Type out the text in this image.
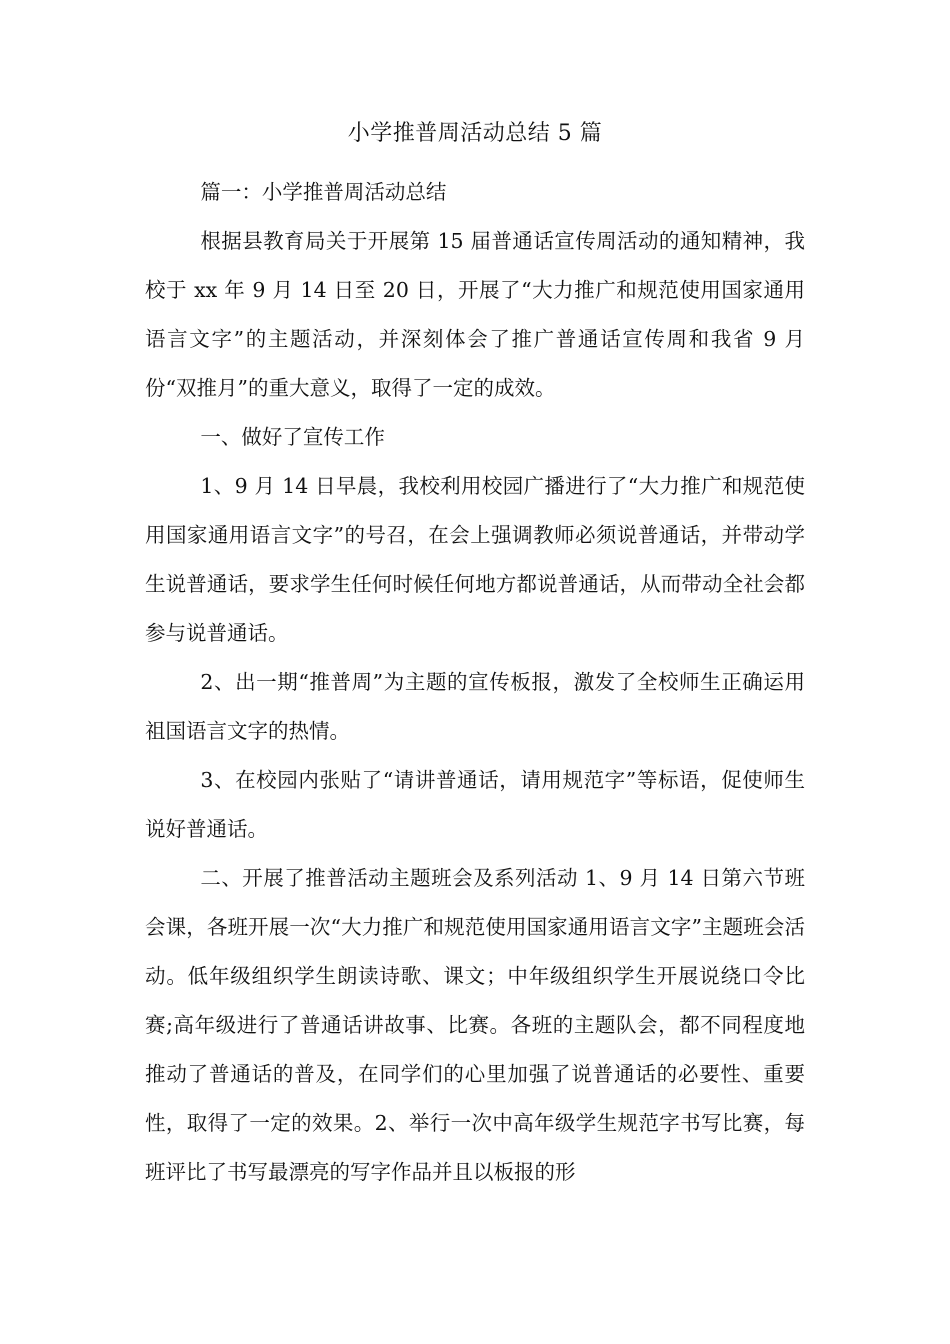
小学推普周活动总结 5 篇

篇一：小学推普周活动总结

根据县教育局关于开展第 15 届普通话宣传周活动的通知精神，我校于 xx 年 9 月 14 日至 20 日，开展了“大力推广和规范使用国家通用语言文字”的主题活动，并深刻体会了推广普通话宣传周和我省 9 月份“双推月”的重大意义，取得了一定的成效。

一、做好了宣传工作

1、9 月 14 日早晨，我校利用校园广播进行了“大力推广和规范使用国家通用语言文字”的号召，在会上强调教师必须说普通话，并带动学生说普通话，要求学生任何时候任何地方都说普通话，从而带动全社会都参与说普通话。

2、出一期“推普周”为主题的宣传板报，激发了全校师生正确运用祖国语言文字的热情。

3、在校园内张贴了“请讲普通话，请用规范字”等标语，促使师生说好普通话。

二、开展了推普活动主题班会及系列活动 1、9 月 14 日第六节班会课，各班开展一次“大力推广和规范使用国家通用语言文字”主题班会活动。低年级组织学生朗读诗歌、课文；中年级组织学生开展说绕口令比赛;高年级进行了普通话讲故事、比赛。各班的主题队会，都不同程度地推动了普通话的普及，在同学们的心里加强了说普通话的必要性、重要性，取得了一定的效果。2、举行一次中高年级学生规范字书写比赛，每班评比了书写最漂亮的写字作品并且以板报的形
